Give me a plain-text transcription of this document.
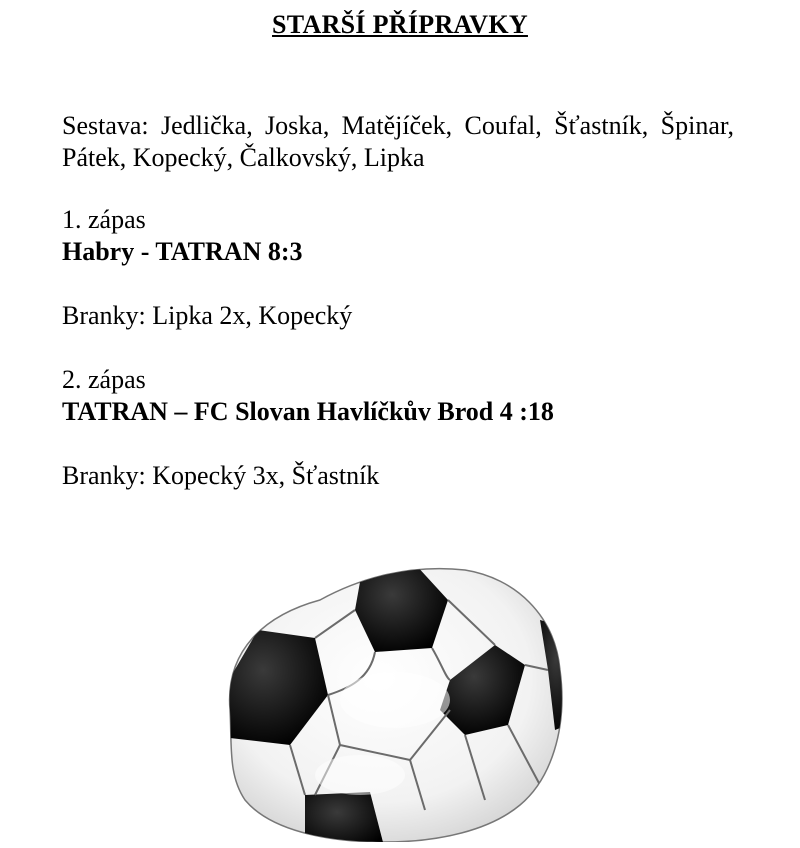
STARŠÍ PŘÍPRAVKY
Sestava: Jedlička, Joska, Matějíček, Coufal, Šťastník, Špinar, Pátek, Kopecký, Čalkovský, Lipka
1. zápas
Habry - TATRAN 8:3
Branky: Lipka 2x, Kopecký
2. zápas
TATRAN – FC Slovan Havlíčkův Brod 4 :18
Branky: Kopecký 3x, Šťastník
